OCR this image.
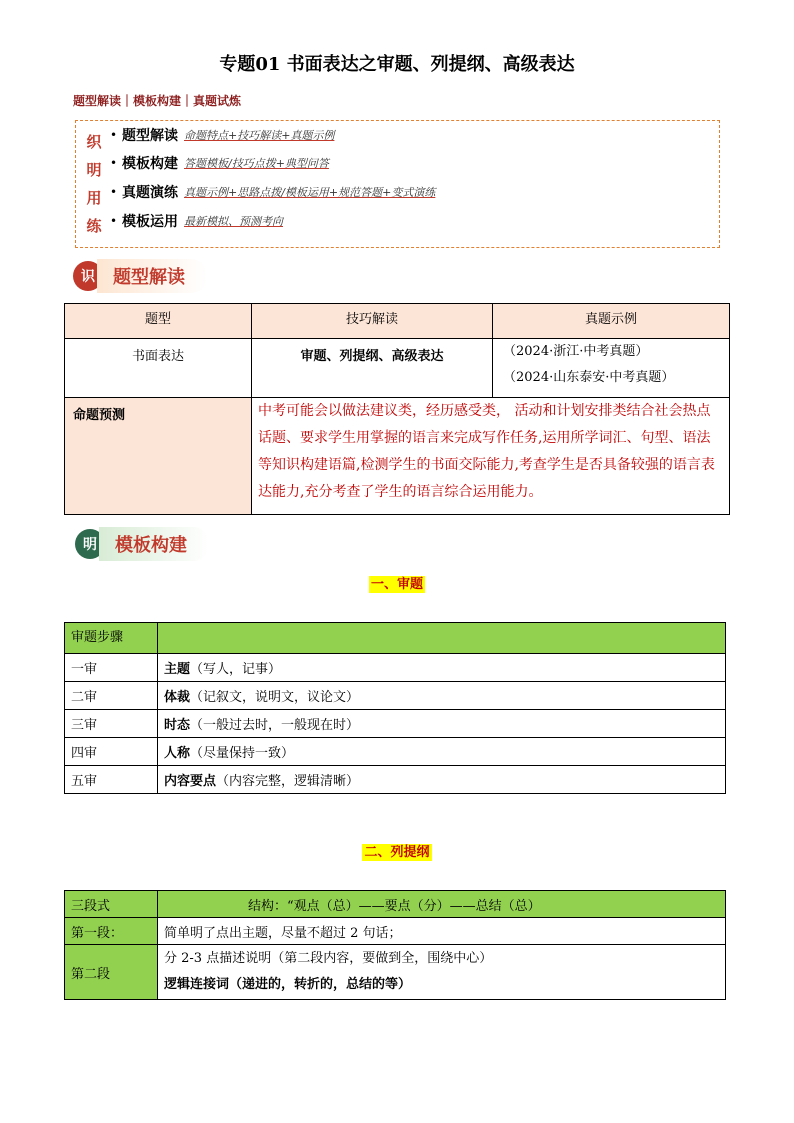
专题01 书面表达之审题、列提纲、高级表达
题型解读｜模板构建｜真题试炼
织
明
用
练
• 题型解读 命题特点+技巧解读+真题示例
• 模板构建 答题模板/技巧点拨+典型问答
• 真题演练 真题示例+思路点拨/模板运用+规范答题+变式演练
• 模板运用 最新模拟、预测考向
识	题型解读
题型	技巧解读	真题示例
书面表达	审题、列提纲、高级表达	（2024·浙江·中考真题）
（2024·山东泰安·中考真题）

命题预测	中考可能会以做法建议类，经历感受类， 活动和计划安排类结合社会热点话题、要求学生用掌握的语言来完成写作任务,运用所学词汇、句型、语法等知识构建语篇,检测学生的书面交际能力,考查学生是否具备较强的语言表达能力,充分考查了学生的语言综合运用能力。	
明	模板构建
一、审题
审题步骤	
一审	主题（写人，记事）
二审	体裁（记叙文，说明文，议论文）
三审	时态（一般过去时，一般现在时）
四审	人称（尽量保持一致）
五审	内容要点（内容完整，逻辑清晰）
二、列提纲
三段式	结构：“观点（总）——要点（分）——总结（总）
第一段：	简单明了点出主题，尽量不超过 2 句话；
第二段	分 2-3 点描述说明（第二段内容，要做到全，围绕中心）
逻辑连接词（递进的，转折的，总结的等）
